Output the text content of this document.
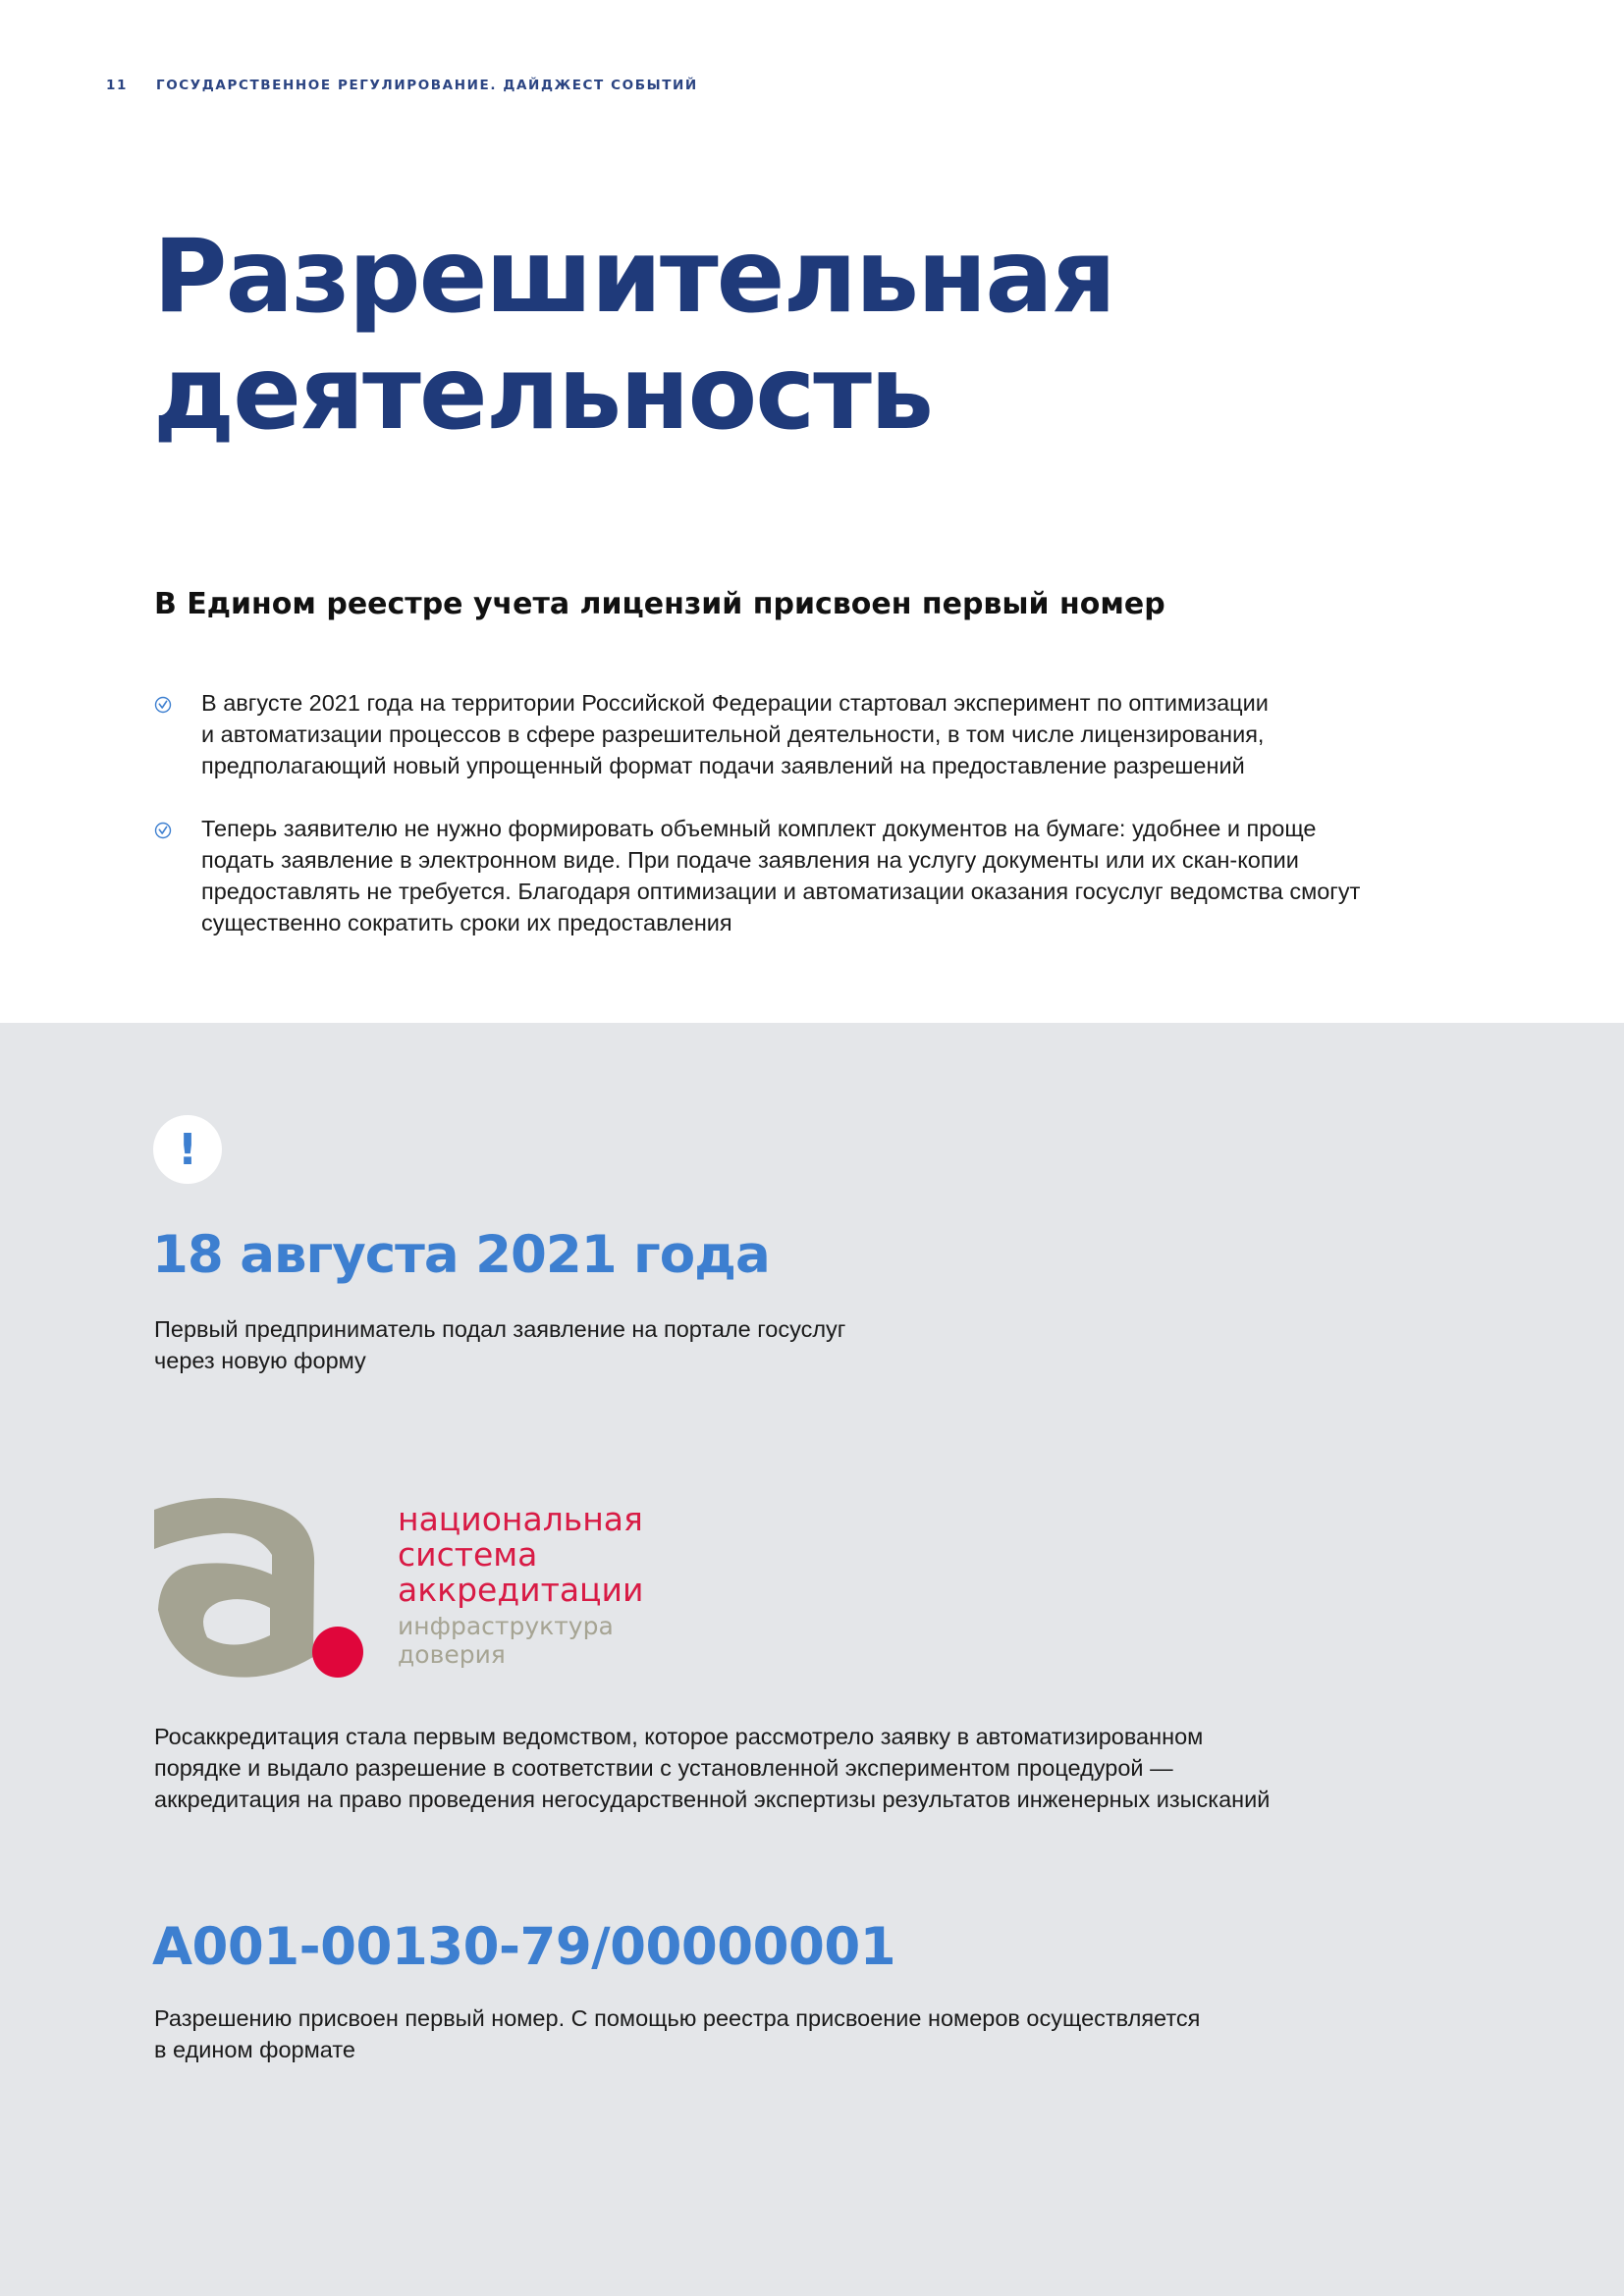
11	ГОСУДАРСТВЕННОЕ РЕГУЛИРОВАНИЕ. ДАЙДЖЕСТ СОБЫТИЙ
Разрешительная
деятельность
В Едином реестре учета лицензий присвоен первый номер
В августе 2021 года на территории Российской Федерации стартовал эксперимент по оптимизации
и автоматизации процессов в сфере разрешительной деятельности, в том числе лицензирования,
предполагающий новый упрощенный формат подачи заявлений на предоставление разрешений
Теперь заявителю не нужно формировать объемный комплект документов на бумаге: удобнее и проще
подать заявление в электронном виде. При подаче заявления на услугу документы или их скан-копии
предоставлять не требуется. Благодаря оптимизации и автоматизации оказания госуслуг ведомства смогут
существенно сократить сроки их предоставления
!
18 августа 2021 года

Первый предприниматель подал заявление на портале госуслуг
через новую форму

национальная
система
аккредитации
инфраструктура
доверия

Росаккредитация стала первым ведомством, которое рассмотрело заявку в автоматизированном
порядке и выдало разрешение в соответствии с установленной экспериментом процедурой —
аккредитация на право проведения негосударственной экспертизы результатов инженерных изысканий

А001-00130-79/00000001

Разрешению присвоен первый номер. С помощью реестра присвоение номеров осуществляется
в едином формате
